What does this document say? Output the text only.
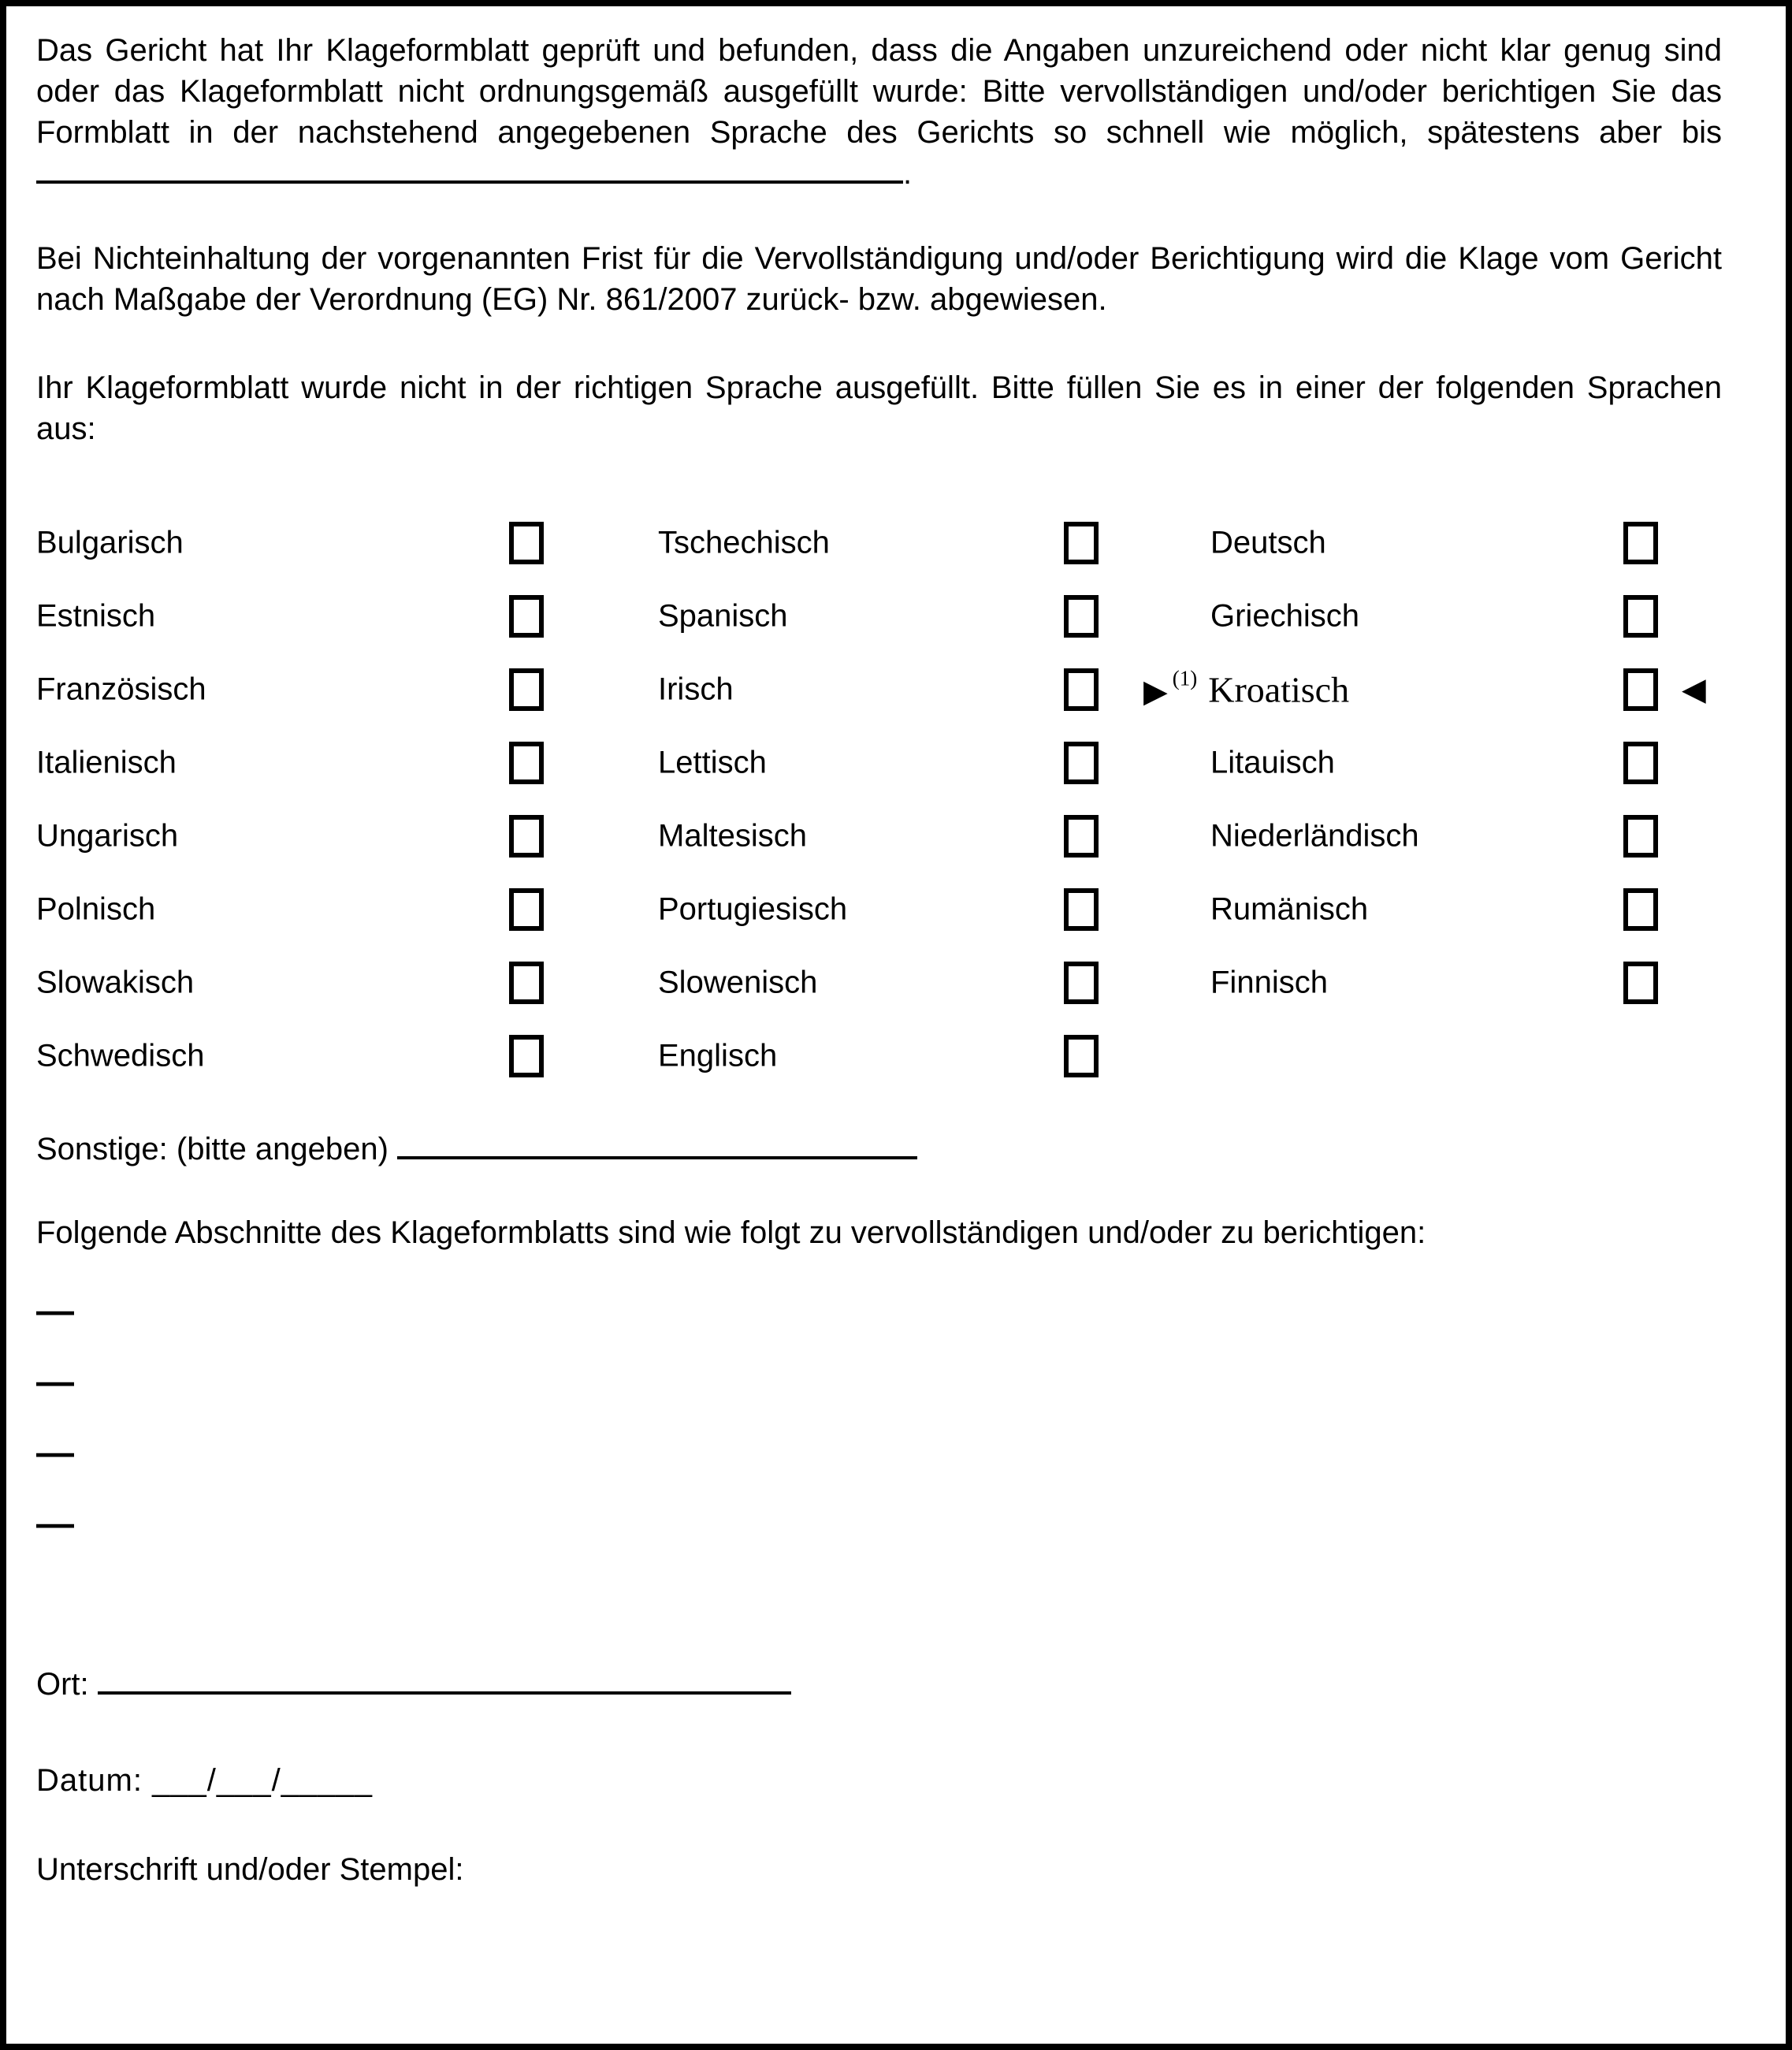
Das Gericht hat Ihr Klageformblatt geprüft und befunden, dass die Angaben unzureichend oder nicht klar genug sind oder das Klageformblatt nicht ordnungsgemäß ausgefüllt wurde: Bitte vervollständigen und/oder berichtigen Sie das Formblatt in der nachstehend angegebenen Sprache des Gerichts so schnell wie möglich, spätestens aber bis .

Bei Nichteinhaltung der vorgenannten Frist für die Vervollständigung und/oder Berichtigung wird die Klage vom Gericht nach Maßgabe der Verordnung (EG) Nr. 861/2007 zurück- bzw. abgewiesen.

Ihr Klageformblatt wurde nicht in der richtigen Sprache ausgefüllt. Bitte füllen Sie es in einer der folgenden Sprachen aus:

Bulgarisch	Tschechisch	Deutsch
Estnisch	Spanisch	Griechisch
Französisch	Irisch	▶ $^{(1)}$ Kroatisch	◀
Italienisch	Lettisch	Litauisch
Ungarisch	Maltesisch	Niederländisch
Polnisch	Portugiesisch	Rumänisch
Slowakisch	Slowenisch	Finnisch
Schwedisch	Englisch
Sonstige: (bitte angeben)

Folgende Abschnitte des Klageformblatts sind wie folgt zu vervollständigen und/oder zu berichtigen:

—
—
—
—
Ort:
Datum: ___/___/_____
Unterschrift und/oder Stempel:
